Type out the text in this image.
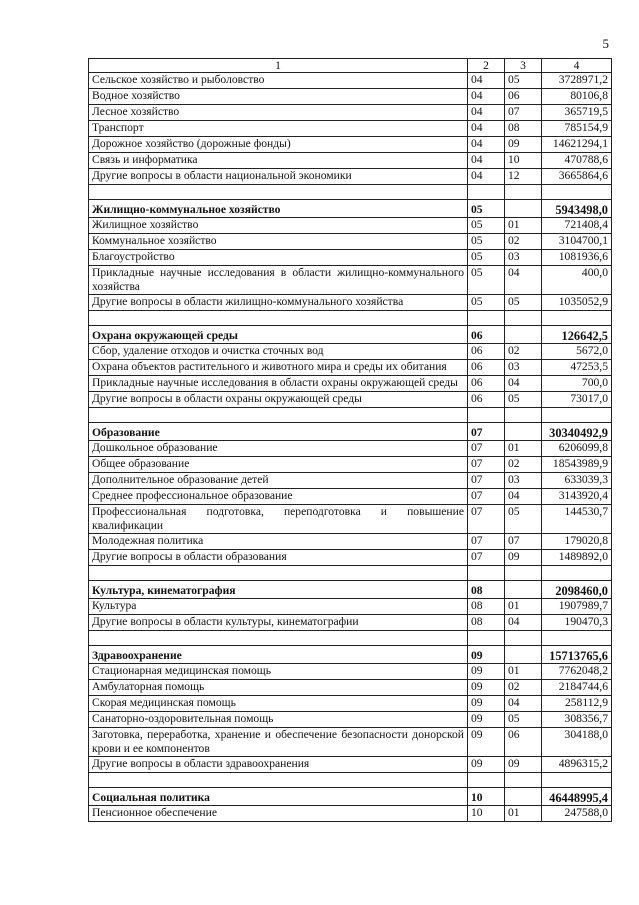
5
1	2	3	4
Сельское хозяйство и рыболовство	04	05	3728971,2
Водное хозяйство	04	06	80106,8
Лесное хозяйство	04	07	365719,5
Транспорт	04	08	785154,9
Дорожное хозяйство (дорожные фонды)	04	09	14621294,1
Связь и информатика	04	10	470788,6
Другие вопросы в области национальной экономики	04	12	3665864,6

Жилищно-коммунальное хозяйство	05		5943498,0
Жилищное хозяйство	05	01	721408,4
Коммунальное хозяйство	05	02	3104700,1
Благоустройство	05	03	1081936,6
Прикладные научные исследования в области жилищно-коммунального хозяйства	05	04	400,0
Другие вопросы в области жилищно-коммунального хозяйства	05	05	1035052,9

Охрана окружающей среды	06		126642,5
Сбор, удаление отходов и очистка сточных вод	06	02	5672,0
Охрана объектов растительного и животного мира и среды их обитания	06	03	47253,5
Прикладные научные исследования в области охраны окружающей среды	06	04	700,0
Другие вопросы в области охраны окружающей среды	06	05	73017,0

Образование	07		30340492,9
Дошкольное образование	07	01	6206099,8
Общее образование	07	02	18543989,9
Дополнительное образование детей	07	03	633039,3
Среднее профессиональное образование	07	04	3143920,4
Профессиональная подготовка, переподготовка и повышение квалификации	07	05	144530,7
Молодежная политика	07	07	179020,8
Другие вопросы в области образования	07	09	1489892,0

Культура, кинематография	08		2098460,0
Культура	08	01	1907989,7
Другие вопросы в области культуры, кинематографии	08	04	190470,3

Здравоохранение	09		15713765,6
Стационарная медицинская помощь	09	01	7762048,2
Амбулаторная помощь	09	02	2184744,6
Скорая медицинская помощь	09	04	258112,9
Санаторно-оздоровительная помощь	09	05	308356,7
Заготовка, переработка, хранение и обеспечение безопасности донорской крови и ее компонентов	09	06	304188,0
Другие вопросы в области здравоохранения	09	09	4896315,2

Социальная политика	10		46448995,4
Пенсионное обеспечение	10	01	247588,0
